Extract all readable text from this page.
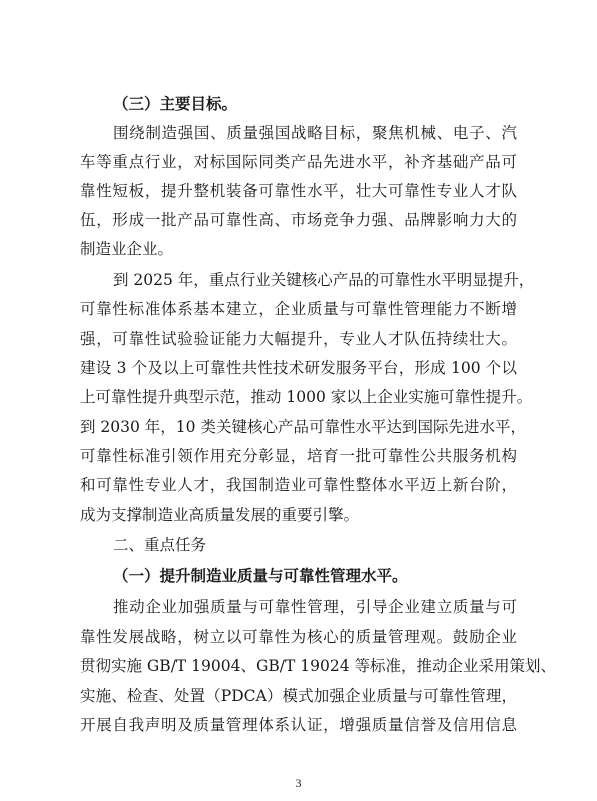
（三）主要目标。
围绕制造强国、质量强国战略目标，聚焦机械、电子、汽
车等重点行业，对标国际同类产品先进水平，补齐基础产品可
靠性短板，提升整机装备可靠性水平，壮大可靠性专业人才队
伍，形成一批产品可靠性高、市场竞争力强、品牌影响力大的
制造业企业。
到 2025 年，重点行业关键核心产品的可靠性水平明显提升，
可靠性标准体系基本建立，企业质量与可靠性管理能力不断增
强，可靠性试验验证能力大幅提升，专业人才队伍持续壮大。
建设 3 个及以上可靠性共性技术研发服务平台，形成 100 个以
上可靠性提升典型示范，推动 1000 家以上企业实施可靠性提升。
到 2030 年，10 类关键核心产品可靠性水平达到国际先进水平，
可靠性标准引领作用充分彰显，培育一批可靠性公共服务机构
和可靠性专业人才，我国制造业可靠性整体水平迈上新台阶，
成为支撑制造业高质量发展的重要引擎。
二、重点任务
（一）提升制造业质量与可靠性管理水平。
推动企业加强质量与可靠性管理，引导企业建立质量与可
靠性发展战略，树立以可靠性为核心的质量管理观。鼓励企业
贯彻实施 GB/T 19004、GB/T 19024 等标准，推动企业采用策划、
实施、检查、处置（PDCA）模式加强企业质量与可靠性管理，
开展自我声明及质量管理体系认证，增强质量信誉及信用信息
3
